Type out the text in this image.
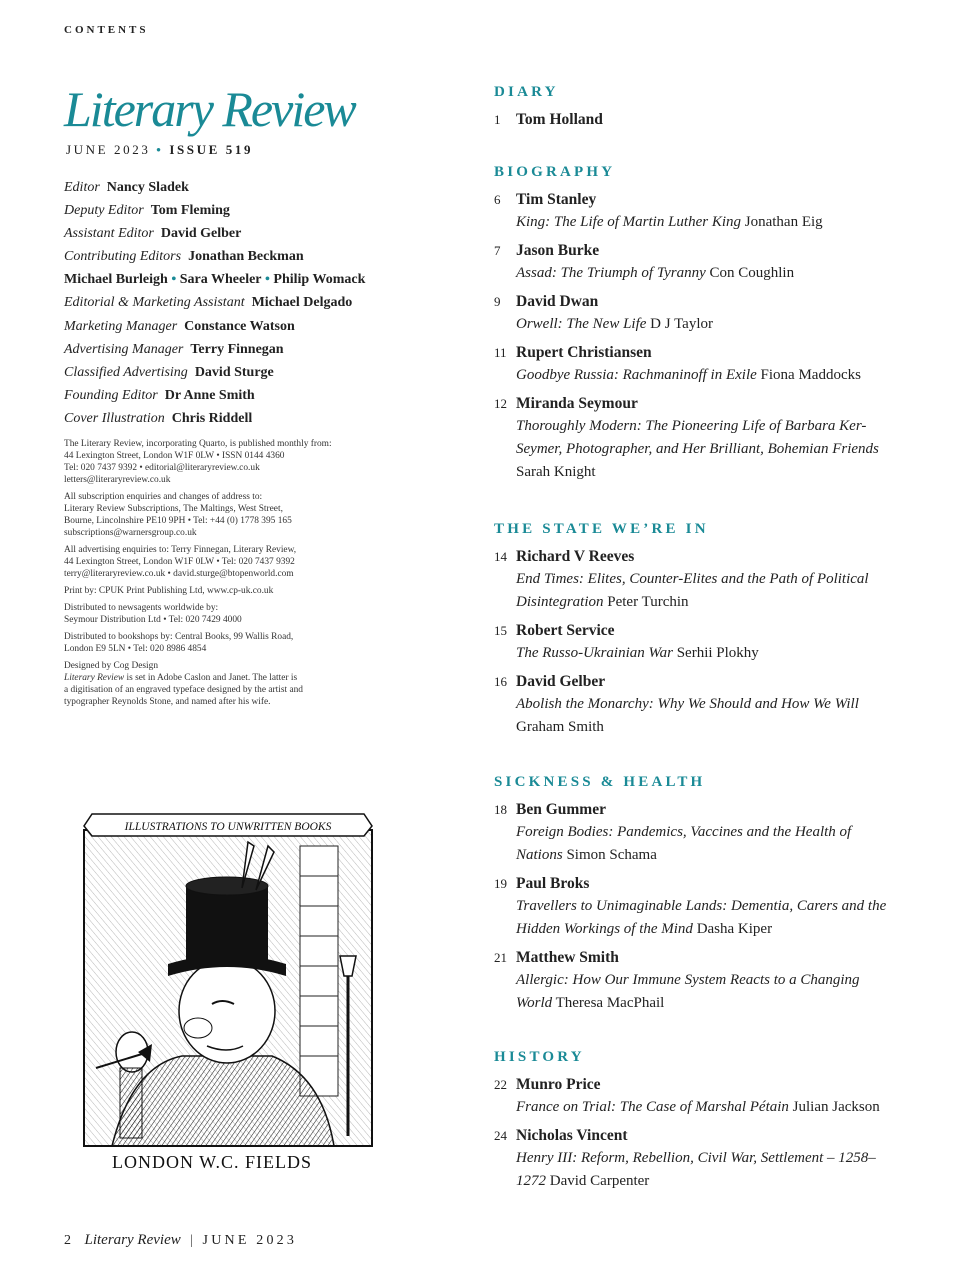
CONTENTS
Literary Review
JUNE 2023 • ISSUE 519
Editor Nancy Sladek
Deputy Editor Tom Fleming
Assistant Editor David Gelber
Contributing Editors Jonathan Beckman
Michael Burleigh • Sara Wheeler • Philip Womack
Editorial & Marketing Assistant Michael Delgado
Marketing Manager Constance Watson
Advertising Manager Terry Finnegan
Classified Advertising David Sturge
Founding Editor Dr Anne Smith
Cover Illustration Chris Riddell

The Literary Review, incorporating Quarto, is published monthly from:

44 Lexington Street, London W1F 0LW • ISSN 0144 4360

Tel: 020 7437 9392 • editorial@literaryreview.co.uk

letters@literaryreview.co.uk

All subscription enquiries and changes of address to:

Literary Review Subscriptions, The Maltings, West Street,

Bourne, Lincolnshire PE10 9PH • Tel: +44 (0) 1778 395 165

subscriptions@warnersgroup.co.uk

All advertising enquiries to: Terry Finnegan, Literary Review,

44 Lexington Street, London W1F 0LW • Tel: 020 7437 9392

terry@literaryreview.co.uk • david.sturge@btopenworld.com

Print by: CPUK Print Publishing Ltd, www.cp-uk.co.uk

Distributed to newsagents worldwide by:

Seymour Distribution Ltd • Tel: 020 7429 4000

Distributed to bookshops by: Central Books, 99 Wallis Road,

London E9 5LN • Tel: 020 8986 4854

Designed by Cog Design

Literary Review is set in Adobe Caslon and Janet. The latter is

a digitisation of an engraved typeface designed by the artist and

typographer Reynolds Stone, and named after his wife.

ILLUSTRATIONS TO UNWRITTEN BOOKS
LONDON W.C. FIELDS
DIARY
1 Tom Holland
BIOGRAPHY
6 Tim Stanley
King: The Life of Martin Luther King Jonathan Eig
7 Jason Burke
Assad: The Triumph of Tyranny Con Coughlin
9 David Dwan
Orwell: The New Life D J Taylor
11 Rupert Christiansen
Goodbye Russia: Rachmaninoff in Exile Fiona Maddocks
12 Miranda Seymour
Thoroughly Modern: The Pioneering Life of Barbara Ker-
Seymer, Photographer, and Her Brilliant, Bohemian Friends
Sarah Knight
THE STATE WE’RE IN
14 Richard V Reeves
End Times: Elites, Counter-Elites and the Path of Political
Disintegration Peter Turchin
15 Robert Service
The Russo-Ukrainian War Serhii Plokhy
16 David Gelber
Abolish the Monarchy: Why We Should and How We Will
Graham Smith
SICKNESS & HEALTH
18 Ben Gummer
Foreign Bodies: Pandemics, Vaccines and the Health of
Nations Simon Schama
19 Paul Broks
Travellers to Unimaginable Lands: Dementia, Carers and the
Hidden Workings of the Mind Dasha Kiper
21 Matthew Smith
Allergic: How Our Immune System Reacts to a Changing
World Theresa MacPhail
HISTORY
22 Munro Price
France on Trial: The Case of Marshal Pétain Julian Jackson
24 Nicholas Vincent
Henry III: Reform, Rebellion, Civil War, Settlement – 1258–
1272 David Carpenter
2 Literary Review | JUNE 2023
